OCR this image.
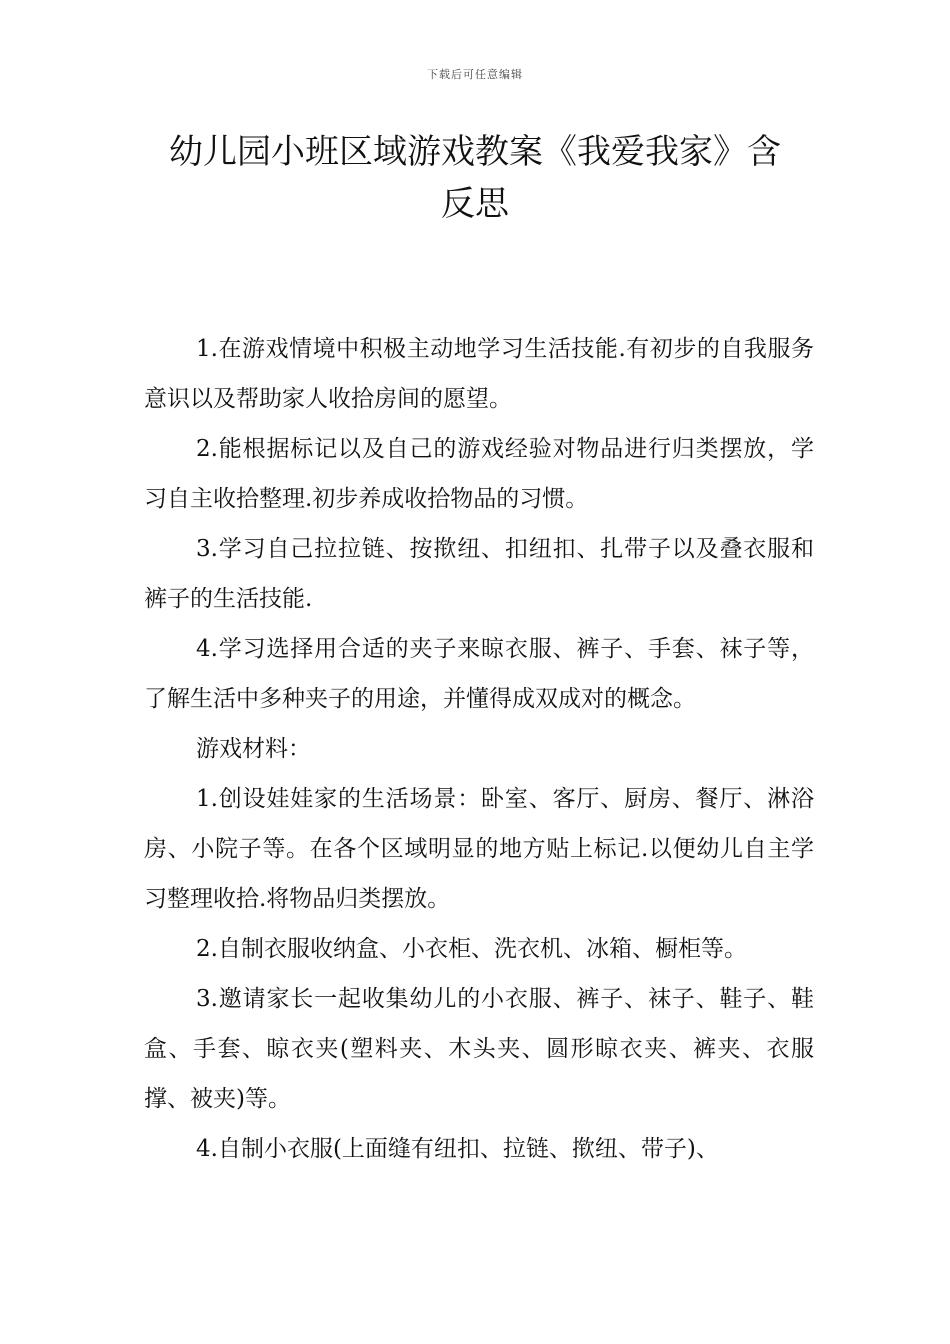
下载后可任意编辑
幼儿园小班区域游戏教案《我爱我家》含
反思

1.在游戏情境中积极主动地学习生活技能.有初步的自我服务意识以及帮助家人收拾房间的愿望。

2.能根据标记以及自己的游戏经验对物品进行归类摆放，学习自主收拾整理.初步养成收拾物品的习惯。

3.学习自己拉拉链、按揿纽、扣纽扣、扎带子以及叠衣服和裤子的生活技能.

4.学习选择用合适的夹子来晾衣服、裤子、手套、袜子等，了解生活中多种夹子的用途，并懂得成双成对的概念。

游戏材料：

1.创设娃娃家的生活场景：卧室、客厅、厨房、餐厅、淋浴房、小院子等。在各个区域明显的地方贴上标记.以便幼儿自主学习整理收拾.将物品归类摆放。

2.自制衣服收纳盒、小衣柜、洗衣机、冰箱、橱柜等。

3.邀请家长一起收集幼儿的小衣服、裤子、袜子、鞋子、鞋盒、手套、晾衣夹(塑料夹、木头夹、圆形晾衣夹、裤夹、衣服撑、被夹)等。

4.自制小衣服(上面缝有纽扣、拉链、揿纽、带子)、
